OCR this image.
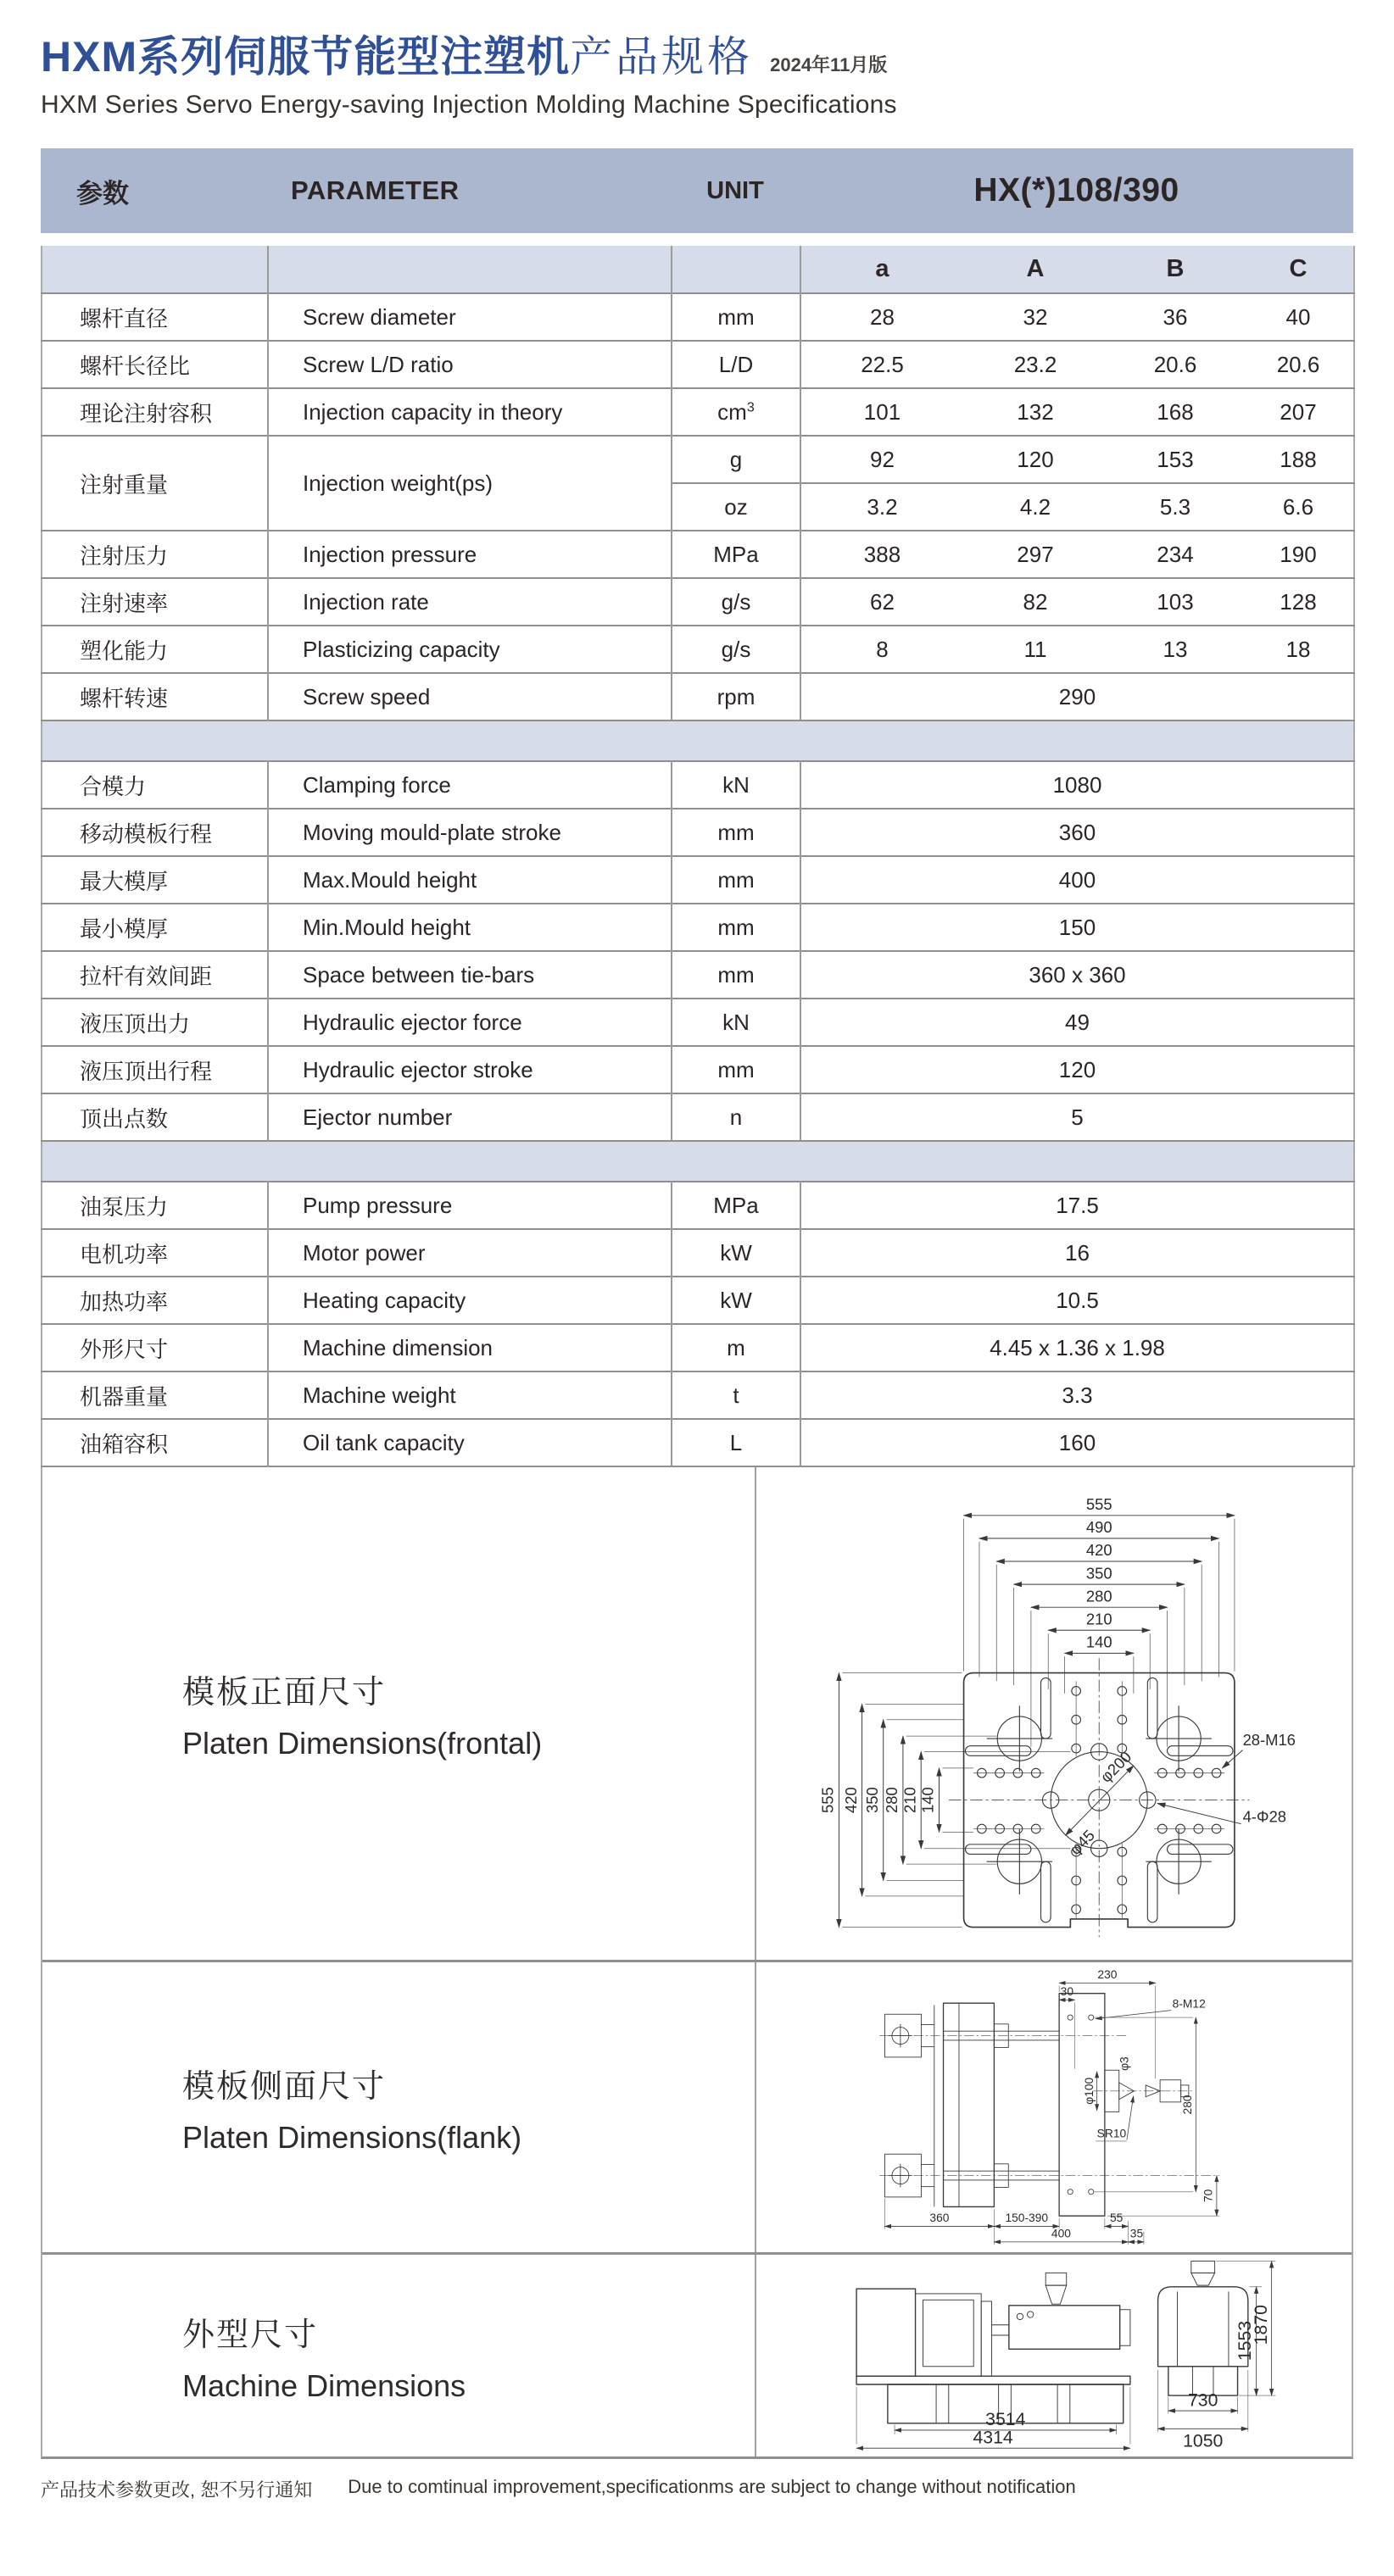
HXM系列伺服节能型注塑机产品规格 2024年11月版
HXM Series Servo Energy-saving Injection Molding Machine Specifications
参数	PARAMETER	UNIT	HX(*)108/390
			a	A	B	C
螺杆直径	Screw diameter	mm	28	32	36	40
螺杆长径比	Screw L/D ratio	L/D	22.5	23.2	20.6	20.6
理论注射容积	Injection capacity in theory	$cm^3$	101	132	168	207
注射重量	Injection weight(ps)	g	92	120	153	188
		oz	3.2	4.2	5.3	6.6
注射压力	Injection pressure	MPa	388	297	234	190
注射速率	Injection rate	g/s	62	82	103	128
塑化能力	Plasticizing capacity	g/s	8	11	13	18
螺杆转速	Screw speed	rpm	290			

合模力	Clamping force	kN	1080			
移动模板行程	Moving mould-plate stroke	mm	360			
最大模厚	Max.Mould height	mm	400			
最小模厚	Min.Mould height	mm	150			
拉杆有效间距	Space between tie-bars	mm	360 x 360			
液压顶出力	Hydraulic ejector force	kN	49			
液压顶出行程	Hydraulic ejector stroke	mm	120			
顶出点数	Ejector number	n	5			

油泵压力	Pump pressure	MPa	17.5			
电机功率	Motor power	kW	16			
加热功率	Heating capacity	kW	10.5			
外形尺寸	Machine dimension	m	4.45 x 1.36 x 1.98			
机器重量	Machine weight	t	3.3			
油箱容积	Oil tank capacity	L	160			
模板正面尺寸
Platen Dimensions(frontal)
555
490
420
350
280
210
140
555 420 350 280 210 140
φ200
φ45
28-M16
4-Φ28
模板侧面尺寸
Platen Dimensions(flank)
230
30
8-M12
φ3
φ100
SR10
280
70
360	150-390	55
400	35
外型尺寸
Machine Dimensions
3514
4314
730
1050
1553
1870
产品技术参数更改, 恕不另行通知 Due to comtinual improvement,specificationms are subject to change without notification
